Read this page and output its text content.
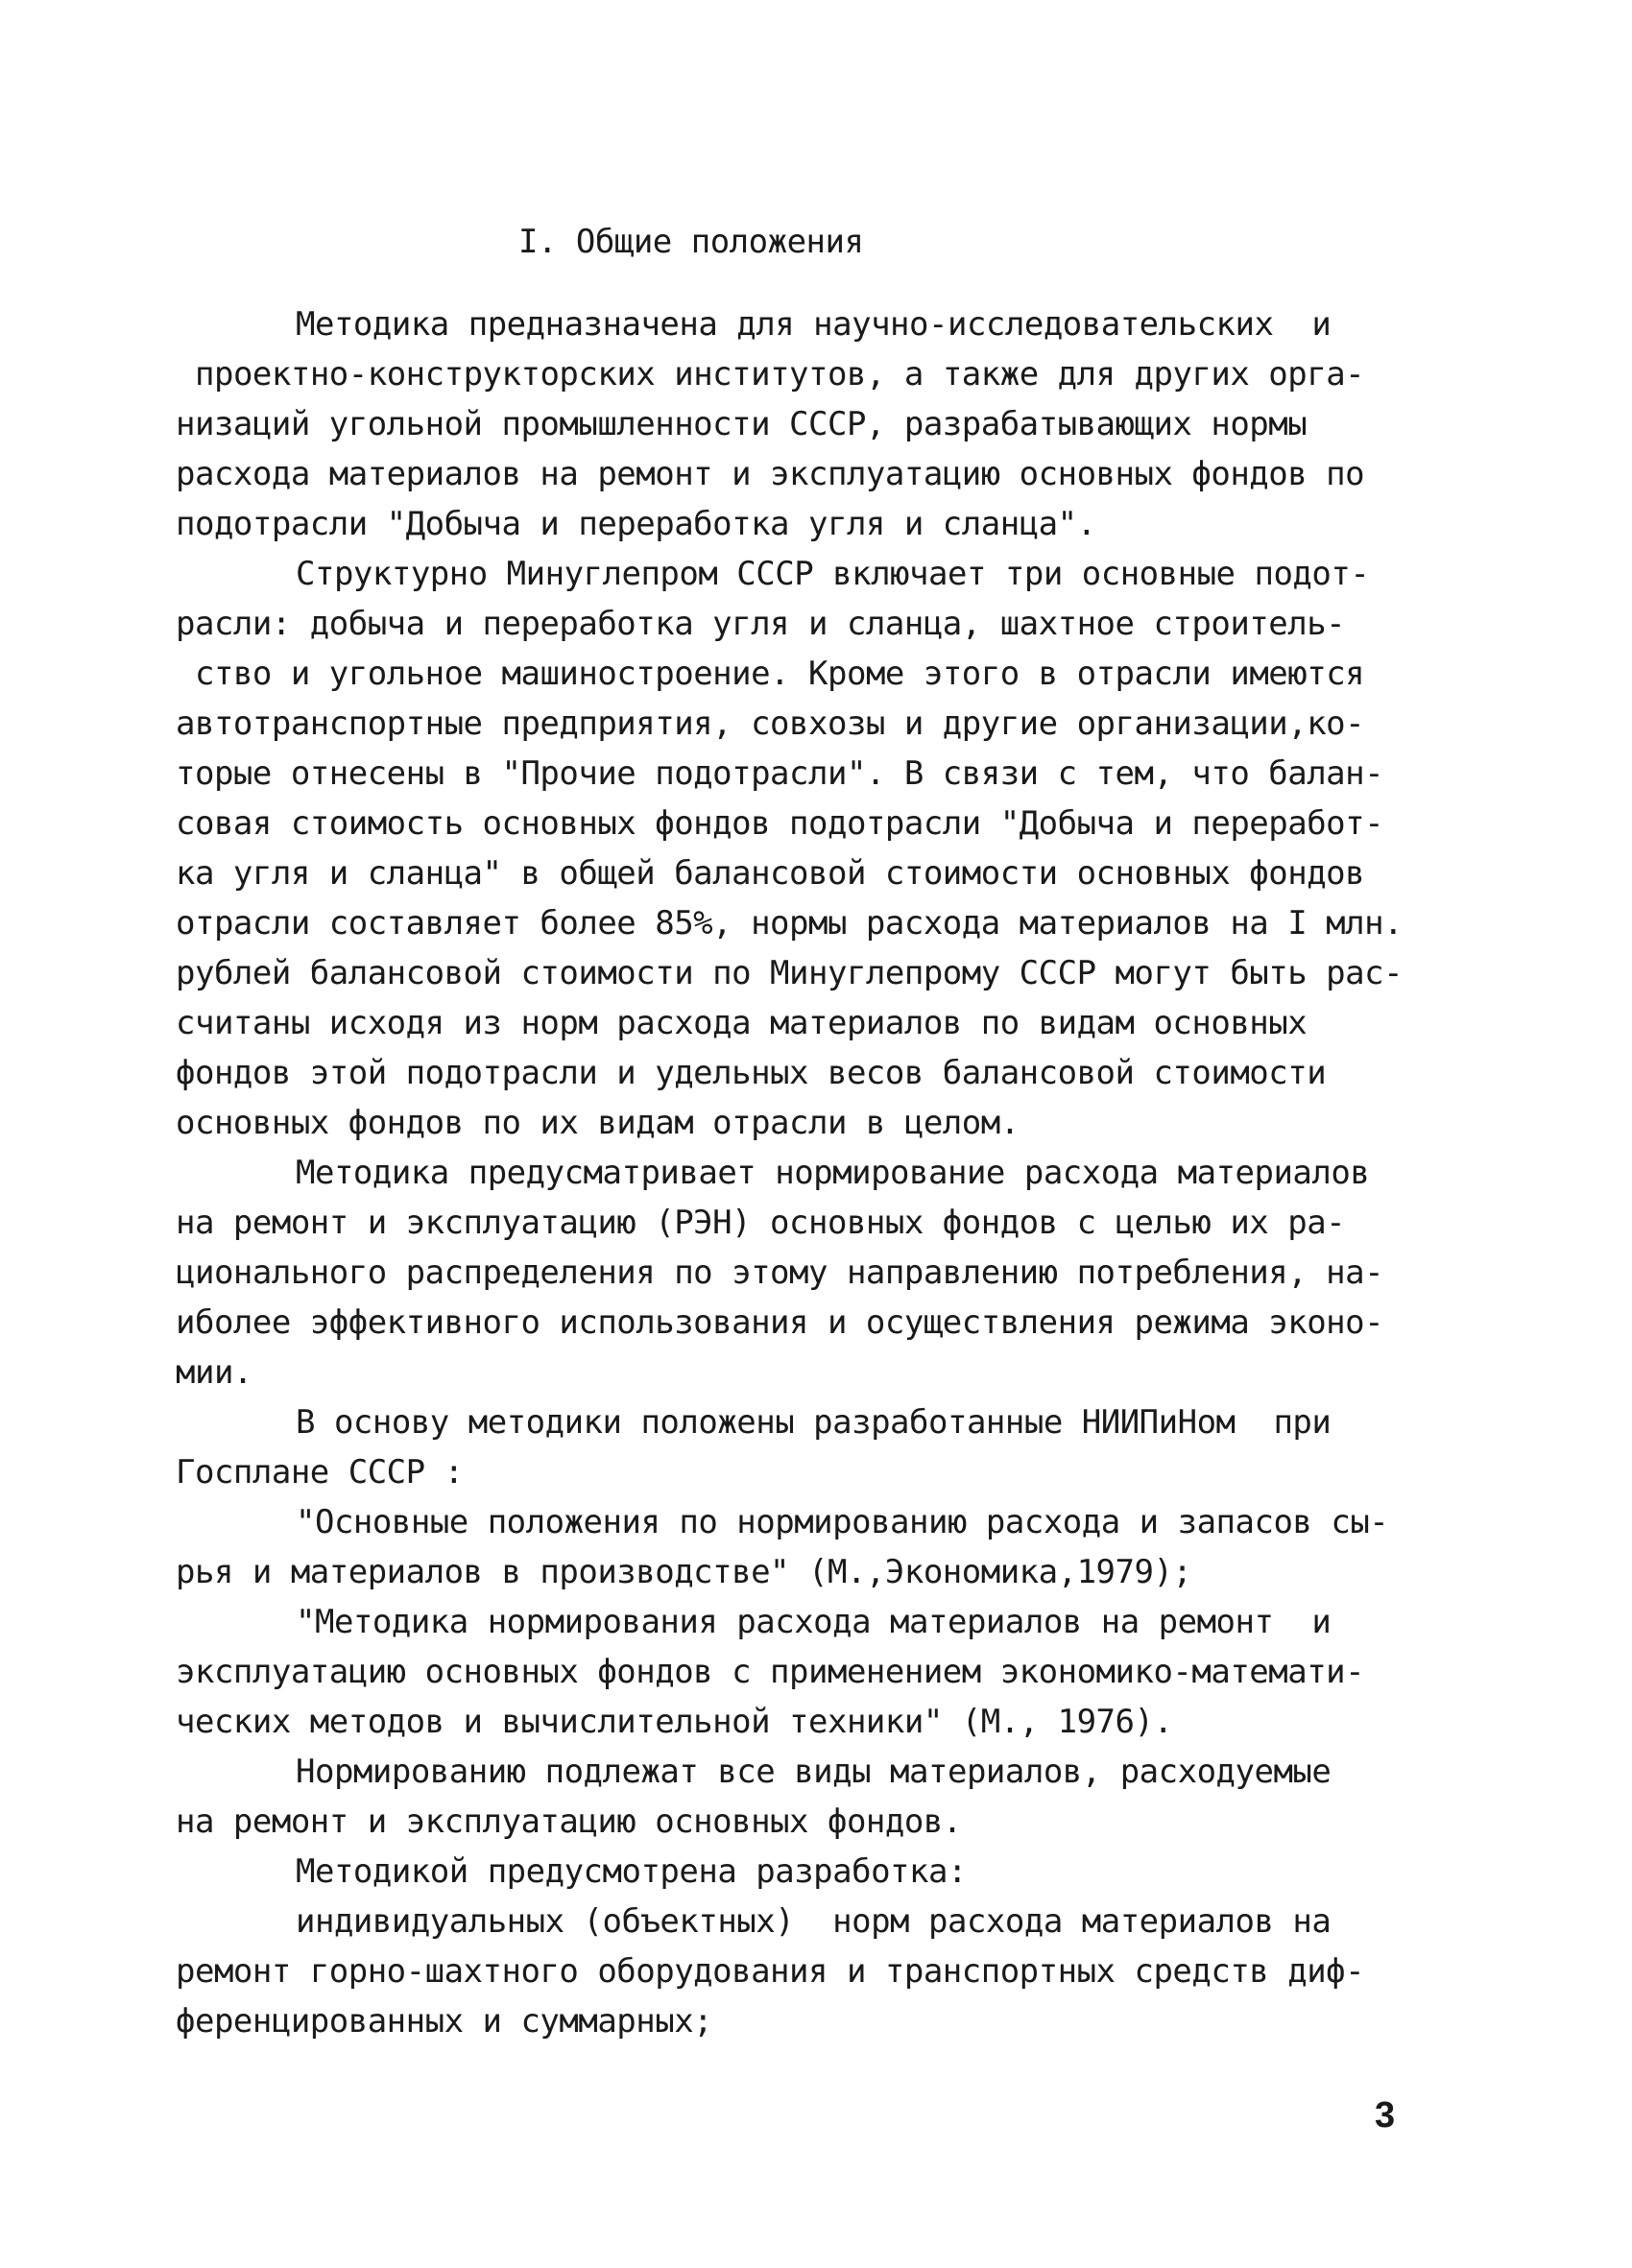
I. Общие положения
Методика предназначена для научно-исследовательских  и
проектно-конструкторских институтов, а также для других орга-
низаций угольной промышленности СССР, разрабатывающих нормы
расхода материалов на ремонт и эксплуатацию основных фондов по
подотрасли "Добыча и переработка угля и сланца".
Структурно Минуглепром СССР включает три основные подот-
расли: добыча и переработка угля и сланца, шахтное строитель-
ство и угольное машиностроение. Кроме этого в отрасли имеются
автотранспортные предприятия, совхозы и другие организации,ко-
торые отнесены в "Прочие подотрасли". В связи с тем, что балан-
совая стоимость основных фондов подотрасли "Добыча и переработ-
ка угля и сланца" в общей балансовой стоимости основных фондов
отрасли составляет более 85%, нормы расхода материалов на I млн.
рублей балансовой стоимости по Минуглепрому СССР могут быть рас-
считаны исходя из норм расхода материалов по видам основных
фондов этой подотрасли и удельных весов балансовой стоимости
основных фондов по их видам отрасли в целом.
Методика предусматривает нормирование расхода материалов
на ремонт и эксплуатацию (РЭН) основных фондов с целью их ра-
ционального распределения по этому направлению потребления, на-
иболее эффективного использования и осуществления режима эконо-
мии.
В основу методики положены разработанные НИИПиНом  при
Госплане СССР :
"Основные положения по нормированию расхода и запасов сы-
рья и материалов в производстве" (М.,Экономика,1979);
"Методика нормирования расхода материалов на ремонт  и
эксплуатацию основных фондов с применением экономико-математи-
ческих методов и вычислительной техники" (М., 1976).
Нормированию подлежат все виды материалов, расходуемые
на ремонт и эксплуатацию основных фондов.
Методикой предусмотрена разработка:
индивидуальных (объектных)  норм расхода материалов на
ремонт горно-шахтного оборудования и транспортных средств диф-
ференцированных и суммарных;
3
